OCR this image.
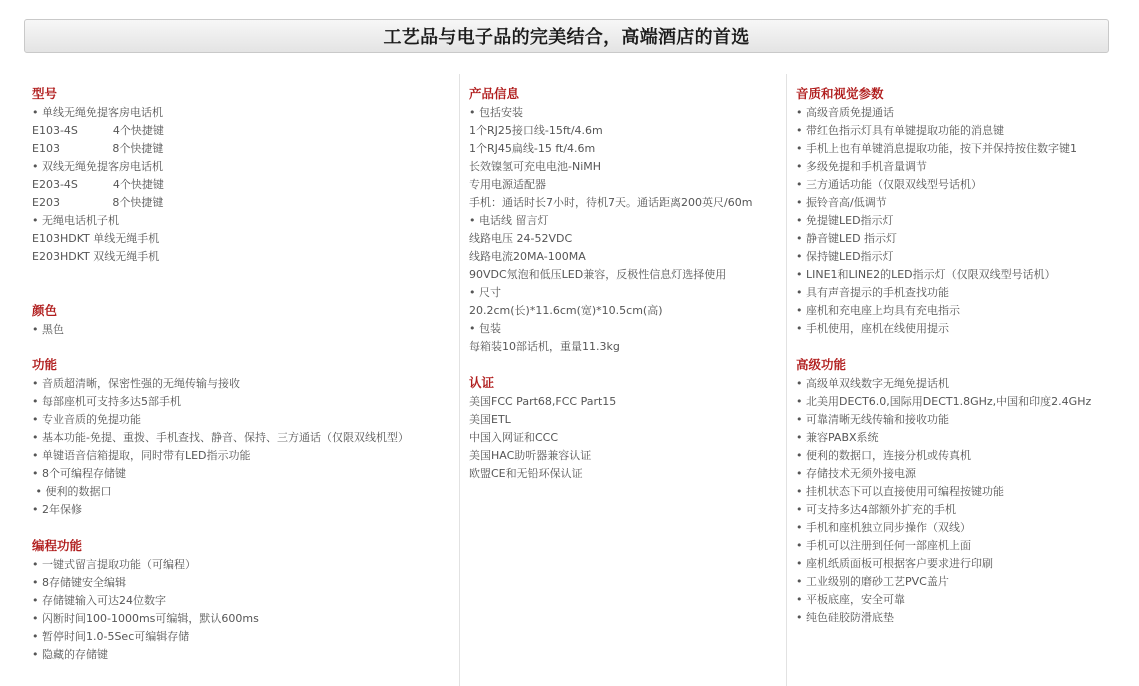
工艺品与电子品的完美结合，高端酒店的首选
型号
• 单线无绳免提客房电话机
E103-4S          4个快捷键
E103               8个快捷键
• 双线无绳免提客房电话机
E203-4S          4个快捷键
E203               8个快捷键
• 无绳电话机子机
E103HDKT 单线无绳手机
E203HDKT 双线无绳手机
颜色
• 黑色
功能
• 音质超清晰，保密性强的无绳传输与接收
• 每部座机可支持多达5部手机
• 专业音质的免提功能
• 基本功能-免提、重拨、手机查找、静音、保持、三方通话（仅限双线机型）
• 单键语音信箱提取，同时带有LED指示功能
• 8个可编程存储键
• 便利的数据口
• 2年保修
编程功能
• 一键式留言提取功能（可编程）
• 8存储键安全编辑
• 存储键输入可达24位数字
• 闪断时间100-1000ms可编辑，默认600ms
• 暂停时间1.0-5Sec可编辑存储
• 隐藏的存储键
产品信息
• 包括安装
1个RJ25接口线-15ft/4.6m
1个RJ45扁线-15 ft/4.6m
长效镍氢可充电电池-NiMH
专用电源适配器
手机：通话时长7小时，待机7天。通话距离200英尺/60m
• 电话线 留言灯
线路电压 24-52VDC
线路电流20MA-100MA
90VDC氖泡和低压LED兼容，反极性信息灯选择使用
• 尺寸
20.2cm(长)*11.6cm(宽)*10.5cm(高)
• 包装
每箱装10部话机，重量11.3kg
认证
美国FCC Part68,FCC Part15
美国ETL
中国入网证和CCC
美国HAC助听器兼容认证
欧盟CE和无铅环保认证
音质和视觉参数
• 高级音质免提通话
• 带红色指示灯具有单键提取功能的消息键
• 手机上也有单键消息提取功能，按下并保持按住数字键1
• 多级免提和手机音量调节
• 三方通话功能（仅限双线型号话机）
• 振铃音高/低调节
• 免提键LED指示灯
• 静音键LED 指示灯
• 保持键LED指示灯
• LINE1和LINE2的LED指示灯（仅限双线型号话机）
• 具有声音提示的手机查找功能
• 座机和充电座上均具有充电指示
• 手机使用，座机在线使用提示
高级功能
• 高级单双线数字无绳免提话机
• 北美用DECT6.0,国际用DECT1.8GHz,中国和印度2.4GHz
• 可靠清晰无线传输和接收功能
• 兼容PABX系统
• 便利的数据口，连接分机或传真机
• 存储技术无须外接电源
• 挂机状态下可以直接使用可编程按键功能
• 可支持多达4部额外扩充的手机
• 手机和座机独立同步操作（双线）
• 手机可以注册到任何一部座机上面
• 座机纸质面板可根据客户要求进行印刷
• 工业级别的磨砂工艺PVC盖片
• 平板底座，安全可靠
• 纯色硅胶防滑底垫
